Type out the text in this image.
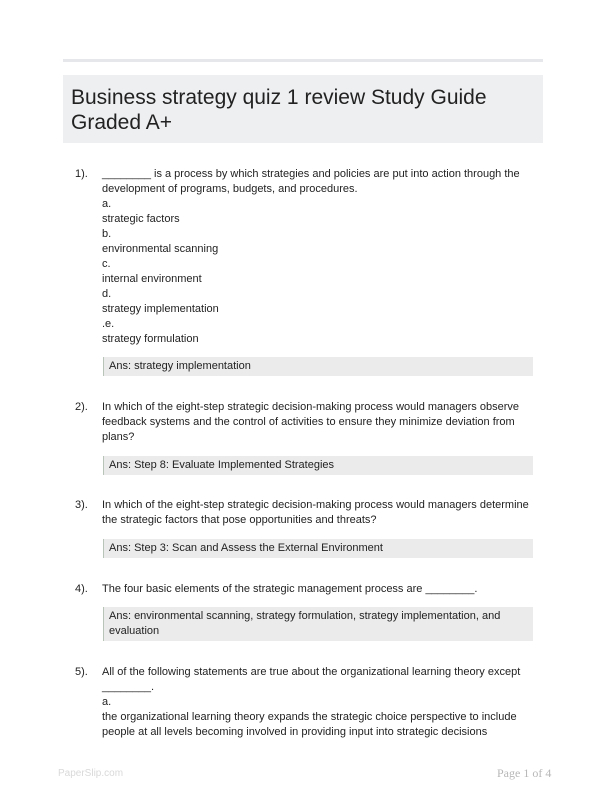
Business strategy quiz 1 review Study Guide Graded A+
1). ________ is a process by which strategies and policies are put into action through the development of programs, budgets, and procedures.
a.
strategic factors
b.
environmental scanning
c.
internal environment
d.
strategy implementation
.e.
strategy formulation
Ans: strategy implementation
2). In which of the eight-step strategic decision-making process would managers observe feedback systems and the control of activities to ensure they minimize deviation from plans?
Ans: Step 8: Evaluate Implemented Strategies
3). In which of the eight-step strategic decision-making process would managers determine the strategic factors that pose opportunities and threats?
Ans: Step 3: Scan and Assess the External Environment
4). The four basic elements of the strategic management process are ________.
Ans: environmental scanning, strategy formulation, strategy implementation, and evaluation
5). All of the following statements are true about the organizational learning theory except ________.
a.
the organizational learning theory expands the strategic choice perspective to include people at all levels becoming involved in providing input into strategic decisions
PaperSlip.com	Page 1 of 4
